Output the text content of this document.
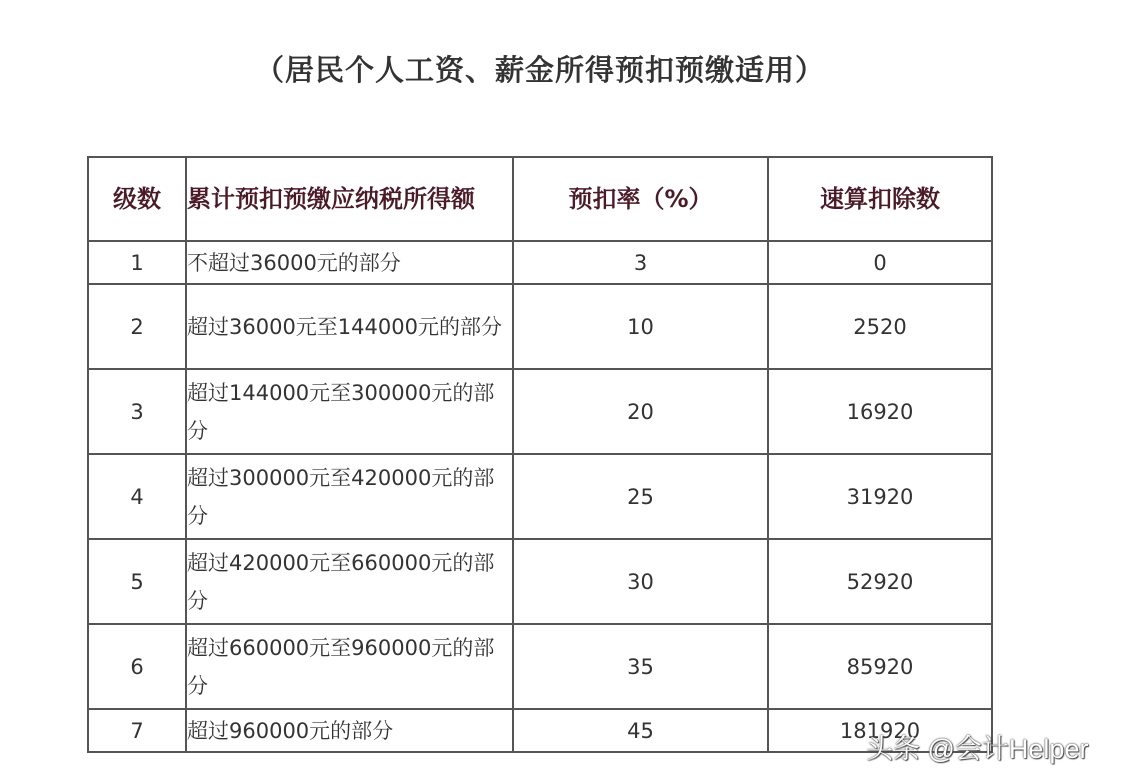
（居民个人工资、薪金所得预扣预缴适用）
级数	累计预扣预缴应纳税所得额	预扣率（%）	速算扣除数
1	不超过36000元的部分	3	0
2	超过36000元至144000元的部分	10	2520
3	超过144000元至300000元的部分	20	16920
4	超过300000元至420000元的部分	25	31920
5	超过420000元至660000元的部分	30	52920
6	超过660000元至960000元的部分	35	85920
7	超过960000元的部分	45	181920
头条 @会计Helper
